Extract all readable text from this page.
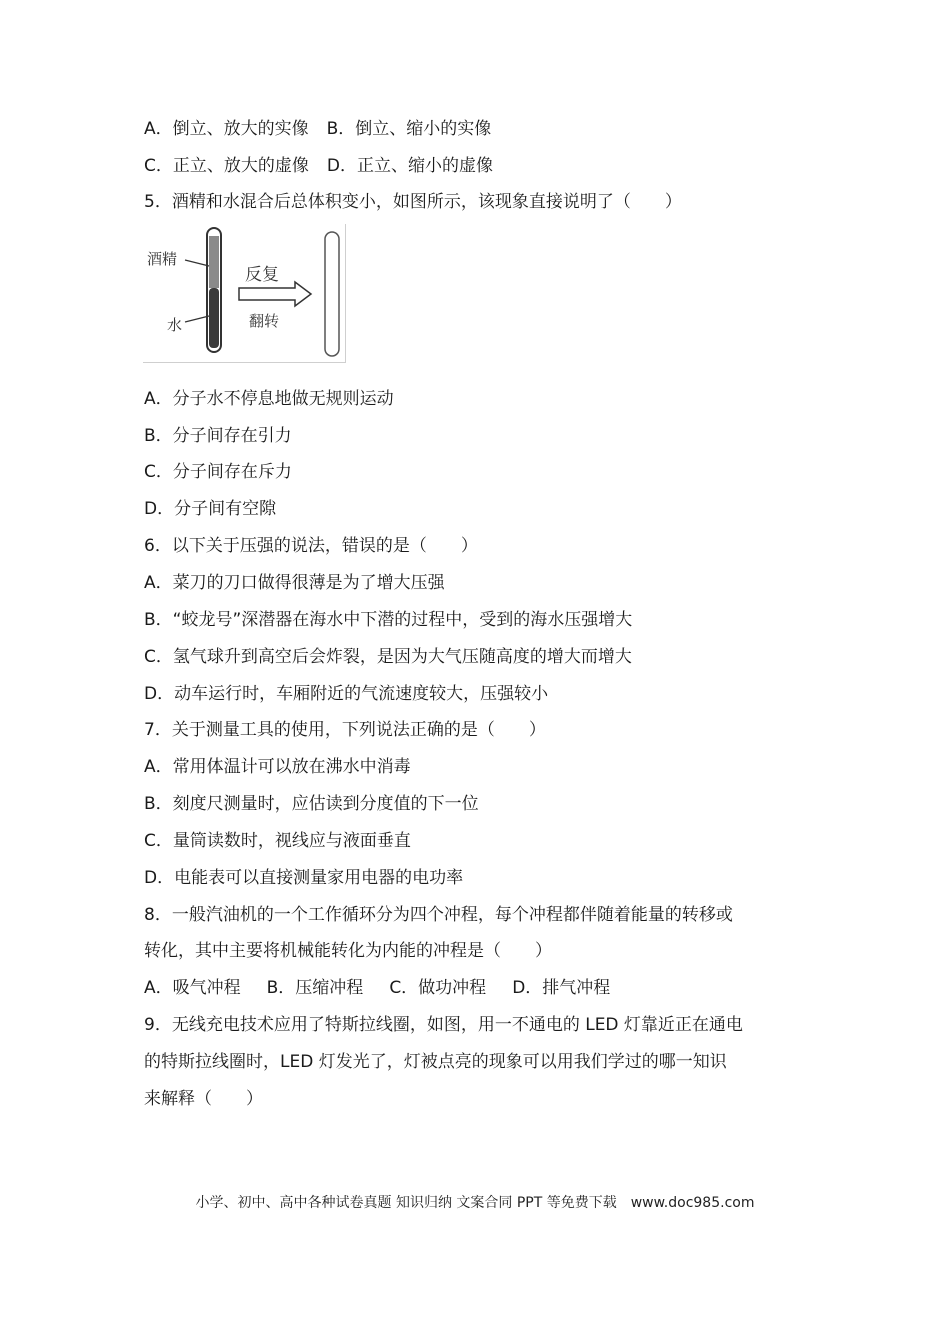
A．倒立、放大的实像 B．倒立、缩小的实像
C．正立、放大的虚像 D．正立、缩小的虚像
5．酒精和水混合后总体积变小，如图所示，该现象直接说明了（　　）
酒精
水
反复
翻转
A．分子水不停息地做无规则运动
B．分子间存在引力
C．分子间存在斥力
D．分子间有空隙
6．以下关于压强的说法，错误的是（　　）
A．菜刀的刀口做得很薄是为了增大压强
B．“蛟龙号”深潜器在海水中下潜的过程中，受到的海水压强增大
C．氢气球升到高空后会炸裂，是因为大气压随高度的增大而增大
D．动车运行时，车厢附近的气流速度较大，压强较小
7．关于测量工具的使用，下列说法正确的是（　　）
A．常用体温计可以放在沸水中消毒
B．刻度尺测量时，应估读到分度值的下一位
C．量筒读数时，视线应与液面垂直
D．电能表可以直接测量家用电器的电功率
8．一般汽油机的一个工作循环分为四个冲程，每个冲程都伴随着能量的转移或
转化，其中主要将机械能转化为内能的冲程是（　　）
A．吸气冲程 B．压缩冲程 C．做功冲程 D．排气冲程
9．无线充电技术应用了特斯拉线圈，如图，用一不通电的 LED 灯靠近正在通电
的特斯拉线圈时，LED 灯发光了，灯被点亮的现象可以用我们学过的哪一知识
来解释（　　）
小学、初中、高中各种试卷真题 知识归纳 文案合同 PPT 等免费下载　www.doc985.com
